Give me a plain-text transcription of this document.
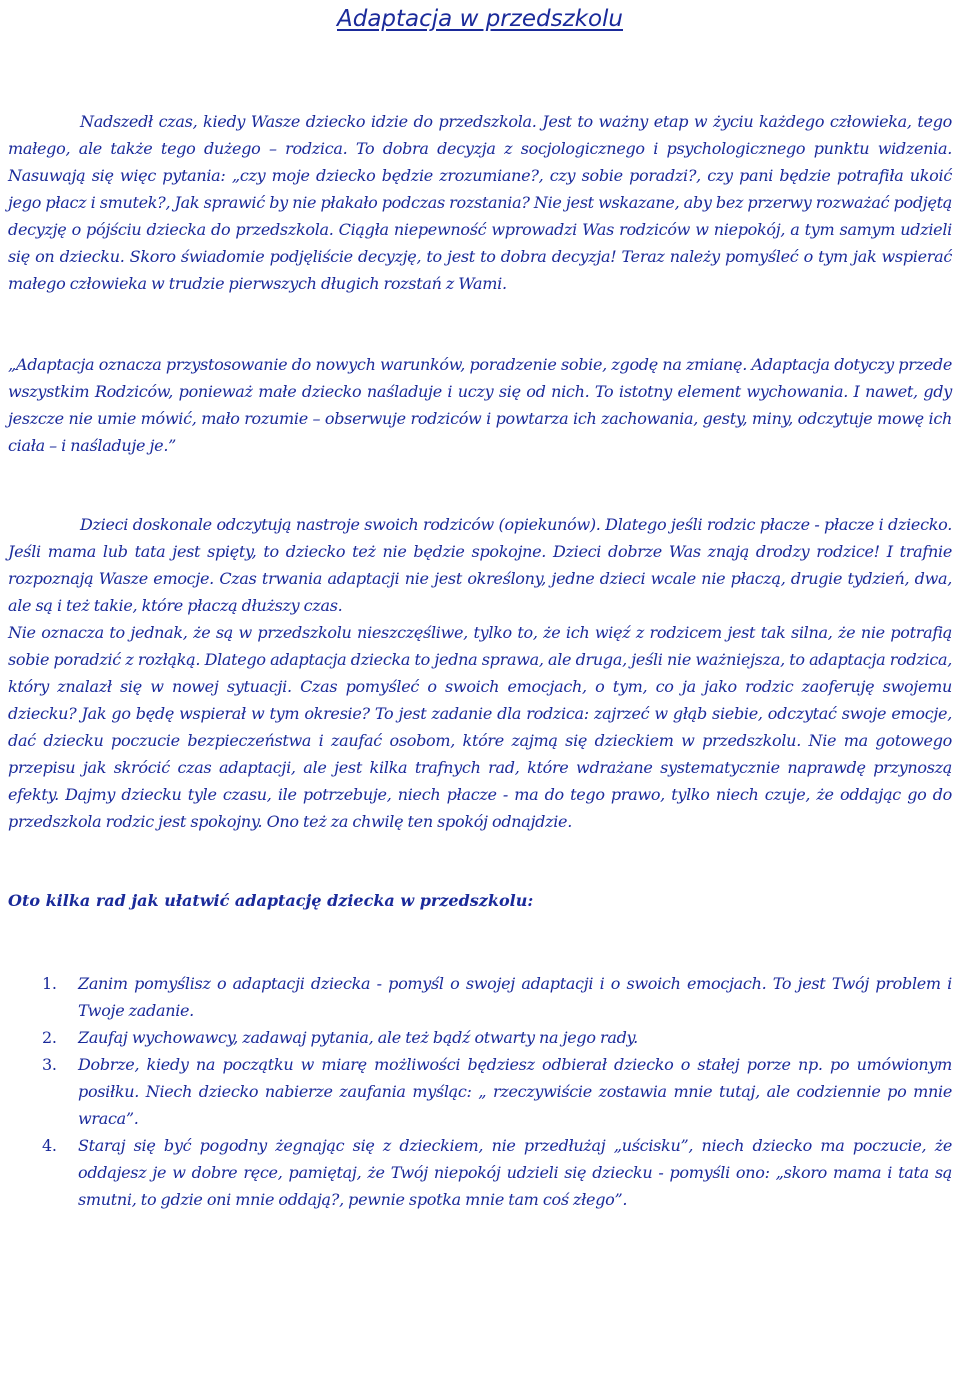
Adaptacja w przedszkolu

Nadszedł czas, kiedy Wasze dziecko idzie do przedszkola. Jest to ważny etap w życiu każdego człowieka, tego małego, ale także tego dużego – rodzica. To dobra decyzja z socjologicznego i psychologicznego punktu widzenia. Nasuwają się więc pytania: „czy moje dziecko będzie zrozumiane?, czy sobie poradzi?, czy pani będzie potrafiła ukoić jego płacz i smutek?, Jak sprawić by nie płakało podczas rozstania? Nie jest wskazane, aby bez przerwy rozważać podjętą decyzję o pójściu dziecka do przedszkola. Ciągła niepewność wprowadzi Was rodziców w niepokój, a tym samym udzieli się on dziecku. Skoro świadomie podjęliście decyzję, to jest to dobra decyzja! Teraz należy pomyśleć o tym jak wspierać małego człowieka w trudzie pierwszych długich rozstań z Wami.

„Adaptacja oznacza przystosowanie do nowych warunków, poradzenie sobie, zgodę na zmianę. Adaptacja dotyczy przede wszystkim Rodziców, ponieważ małe dziecko naśladuje i uczy się od nich. To istotny element wychowania. I nawet, gdy jeszcze nie umie mówić, mało rozumie – obserwuje rodziców i powtarza ich zachowania, gesty, miny, odczytuje mowę ich ciała – i naśladuje je.”

Dzieci doskonale odczytują nastroje swoich rodziców (opiekunów). Dlatego jeśli rodzic płacze - płacze i dziecko. Jeśli mama lub tata jest spięty, to dziecko też nie będzie spokojne. Dzieci dobrze Was znają drodzy rodzice! I trafnie rozpoznają Wasze emocje. Czas trwania adaptacji nie jest określony, jedne dzieci wcale nie płaczą, drugie tydzień, dwa, ale są i też takie, które płaczą dłuższy czas.

Nie oznacza to jednak, że są w przedszkolu nieszczęśliwe, tylko to, że ich więź z rodzicem jest tak silna, że nie potrafią sobie poradzić z rozłąką. Dlatego adaptacja dziecka to jedna sprawa, ale druga, jeśli nie ważniejsza, to adaptacja rodzica, który znalazł się w nowej sytuacji. Czas pomyśleć o swoich emocjach, o tym, co ja jako rodzic zaoferuję swojemu dziecku? Jak go będę wspierał w tym okresie? To jest zadanie dla rodzica: zajrzeć w głąb siebie, odczytać swoje emocje, dać dziecku poczucie bezpieczeństwa i zaufać osobom, które zajmą się dzieckiem w przedszkolu. Nie ma gotowego przepisu jak skrócić czas adaptacji, ale jest kilka trafnych rad, które wdrażane systematycznie naprawdę przynoszą efekty. Dajmy dziecku tyle czasu, ile potrzebuje, niech płacze - ma do tego prawo, tylko niech czuje, że oddając go do przedszkola rodzic jest spokojny. Ono też za chwilę ten spokój odnajdzie.

Oto kilka rad jak ułatwić adaptację dziecka w przedszkolu:
1. Zanim pomyślisz o adaptacji dziecka - pomyśl o swojej adaptacji i o swoich emocjach. To jest Twój problem i Twoje zadanie.
2. Zaufaj wychowawcy, zadawaj pytania, ale też bądź otwarty na jego rady.
3. Dobrze, kiedy na początku w miarę możliwości będziesz odbierał dziecko o stałej porze np. po umówionym posiłku. Niech dziecko nabierze zaufania myśląc: „ rzeczywiście zostawia mnie tutaj, ale codziennie po mnie wraca”.
4. Staraj się być pogodny żegnając się z dzieckiem, nie przedłużaj „uścisku”, niech dziecko ma poczucie, że oddajesz je w dobre ręce, pamiętaj, że Twój niepokój udzieli się dziecku - pomyśli ono: „skoro mama i tata są smutni, to gdzie oni mnie oddają?, pewnie spotka mnie tam coś złego”.
